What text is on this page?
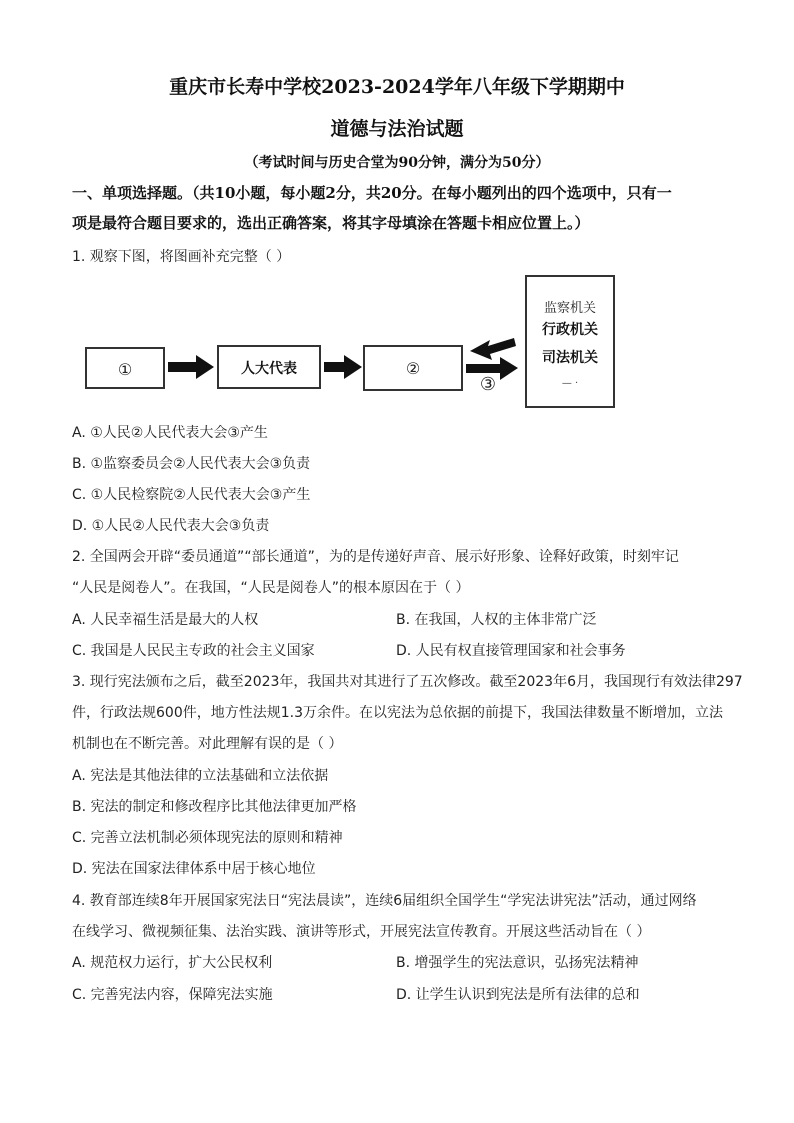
重庆市长寿中学校2023-2024学年八年级下学期期中
道德与法治试题
（考试时间与历史合堂为90分钟，满分为50分）
一、单项选择题。（共10小题，每小题2分，共20分。在每小题列出的四个选项中，只有一
项是最符合题目要求的，选出正确答案，将其字母填涂在答题卡相应位置上。）
1. 观察下图，将图画补充完整（ ）
①	人大代表	②
③
监察机关
行政机关
司法机关
— ·
A. ①人民②人民代表大会③产生
B. ①监察委员会②人民代表大会③负责
C. ①人民检察院②人民代表大会③产生
D. ①人民②人民代表大会③负责
2. 全国两会开辟“委员通道”“部长通道”，为的是传递好声音、展示好形象、诠释好政策，时刻牢记
“人民是阅卷人”。在我国，“人民是阅卷人”的根本原因在于（ ）
A. 人民幸福生活是最大的人权	B. 在我国，人权的主体非常广泛
C. 我国是人民民主专政的社会主义国家	D. 人民有权直接管理国家和社会事务
3. 现行宪法颁布之后，截至2023年，我国共对其进行了五次修改。截至2023年6月，我国现行有效法律297
件，行政法规600件，地方性法规1.3万余件。在以宪法为总依据的前提下，我国法律数量不断增加，立法
机制也在不断完善。对此理解有误的是（ ）
A. 宪法是其他法律的立法基础和立法依据
B. 宪法的制定和修改程序比其他法律更加严格
C. 完善立法机制必须体现宪法的原则和精神
D. 宪法在国家法律体系中居于核心地位
4. 教育部连续8年开展国家宪法日“宪法晨读”，连续6届组织全国学生“学宪法讲宪法”活动，通过网络
在线学习、微视频征集、法治实践、演讲等形式，开展宪法宣传教育。开展这些活动旨在（ ）
A. 规范权力运行，扩大公民权利	B. 增强学生的宪法意识，弘扬宪法精神
C. 完善宪法内容，保障宪法实施	D. 让学生认识到宪法是所有法律的总和
